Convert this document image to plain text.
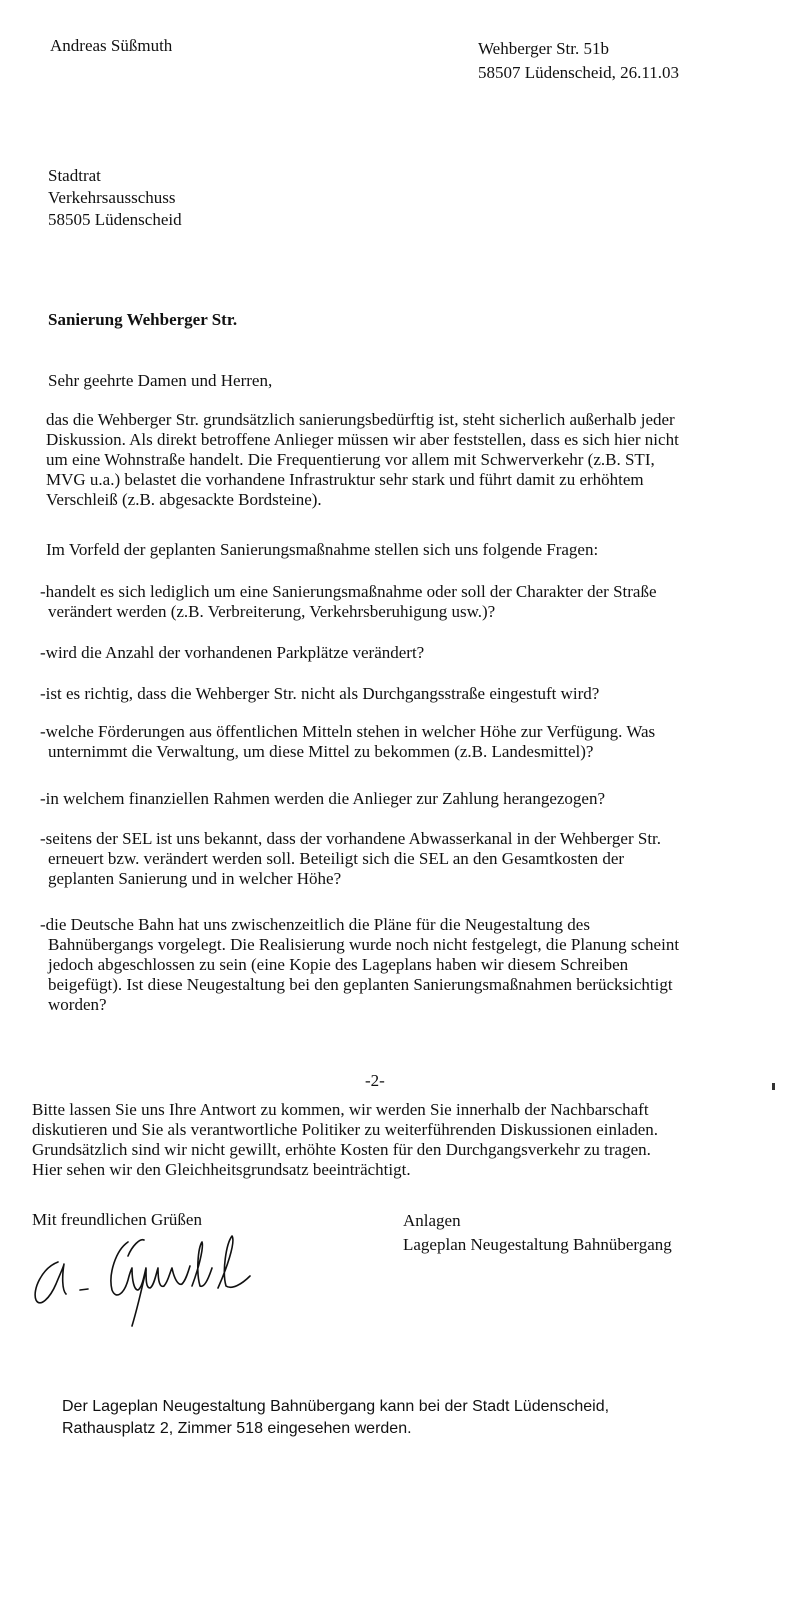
Andreas Süßmuth	Wehberger Str. 51b
58507 Lüdenscheid, 26.11.03
Stadtrat
Verkehrsausschuss
58505 Lüdenscheid
Sanierung Wehberger Str.
Sehr geehrte Damen und Herren,
das die Wehberger Str. grundsätzlich sanierungsbedürftig ist, steht sicherlich außerhalb jeder
Diskussion. Als direkt betroffene Anlieger müssen wir aber feststellen, dass es sich hier nicht
um eine Wohnstraße handelt. Die Frequentierung vor allem mit Schwerverkehr (z.B. STI,
MVG u.a.) belastet die vorhandene Infrastruktur sehr stark und führt damit zu erhöhtem
Verschleiß (z.B. abgesackte Bordsteine).
Im Vorfeld der geplanten Sanierungsmaßnahme stellen sich uns folgende Fragen:
-handelt es sich lediglich um eine Sanierungsmaßnahme oder soll der Charakter der Straße
verändert werden (z.B. Verbreiterung, Verkehrsberuhigung usw.)?
-wird die Anzahl der vorhandenen Parkplätze verändert?
-ist es richtig, dass die Wehberger Str. nicht als Durchgangsstraße eingestuft wird?
-welche Förderungen aus öffentlichen Mitteln stehen in welcher Höhe zur Verfügung. Was
unternimmt die Verwaltung, um diese Mittel zu bekommen (z.B. Landesmittel)?
-in welchem finanziellen Rahmen werden die Anlieger zur Zahlung herangezogen?
-seitens der SEL ist uns bekannt, dass der vorhandene Abwasserkanal in der Wehberger Str.
erneuert bzw. verändert werden soll. Beteiligt sich die SEL an den Gesamtkosten der
geplanten Sanierung und in welcher Höhe?
-die Deutsche Bahn hat uns zwischenzeitlich die Pläne für die Neugestaltung des
Bahnübergangs vorgelegt. Die Realisierung wurde noch nicht festgelegt, die Planung scheint
jedoch abgeschlossen zu sein (eine Kopie des Lageplans haben wir diesem Schreiben
beigefügt). Ist diese Neugestaltung bei den geplanten Sanierungsmaßnahmen berücksichtigt
worden?
-2-
Bitte lassen Sie uns Ihre Antwort zu kommen, wir werden Sie innerhalb der Nachbarschaft
diskutieren und Sie als verantwortliche Politiker zu weiterführenden Diskussionen einladen.
Grundsätzlich sind wir nicht gewillt, erhöhte Kosten für den Durchgangsverkehr zu tragen.
Hier sehen wir den Gleichheitsgrundsatz beeinträchtigt.
Mit freundlichen Grüßen	Anlagen
Lageplan Neugestaltung Bahnübergang
Der Lageplan Neugestaltung Bahnübergang kann bei der Stadt Lüdenscheid,
Rathausplatz 2, Zimmer 518 eingesehen werden.
